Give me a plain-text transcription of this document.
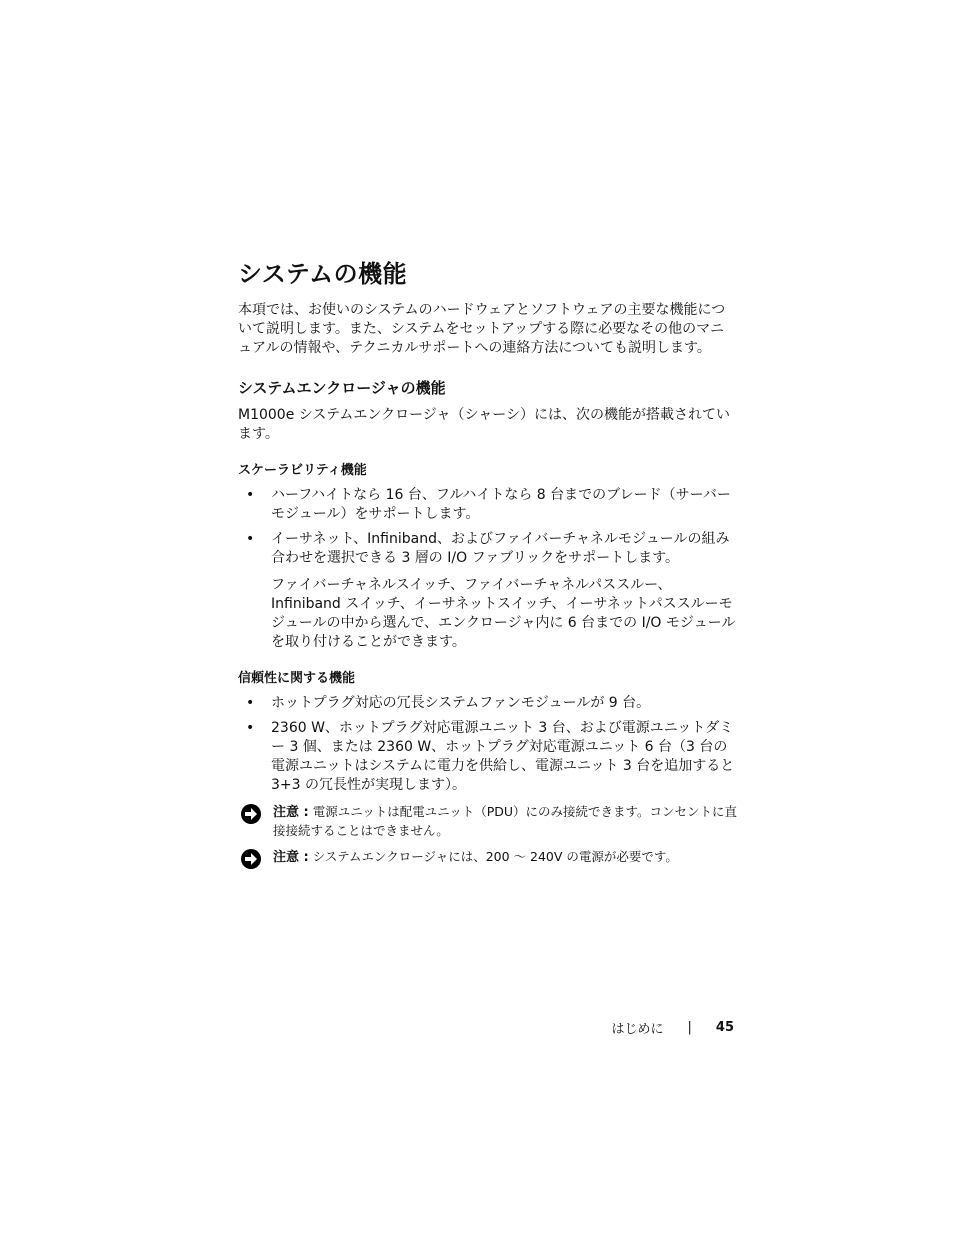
システムの機能

本項では、お使いのシステムのハードウェアとソフトウェアの主要な機能について説明します。また、システムをセットアップする際に必要なその他のマニュアルの情報や、テクニカルサポートへの連絡方法についても説明します。

システムエンクロージャの機能

M1000e システムエンクロージャ（シャーシ）には、次の機能が搭載されています。

スケーラビリティ機能
• ハーフハイトなら 16 台、フルハイトなら 8 台までのブレード（サーバーモジュール）をサポートします。
• イーサネット、Infiniband、およびファイバーチャネルモジュールの組み合わせを選択できる 3 層の I/O ファブリックをサポートします。
ファイバーチャネルスイッチ、ファイバーチャネルパススルー、Infiniband スイッチ、イーサネットスイッチ、イーサネットパススルーモジュールの中から選んで、エンクロージャ内に 6 台までの I/O モジュールを取り付けることができます。
信頼性に関する機能
• ホットプラグ対応の冗長システムファンモジュールが 9 台。
• 2360 W、ホットプラグ対応電源ユニット 3 台、および電源ユニットダミー 3 個、または 2360 W、ホットプラグ対応電源ユニット 6 台（3 台の電源ユニットはシステムに電力を供給し、電源ユニット 3 台を追加すると 3+3 の冗長性が実現します）。
注意 : 電源ユニットは配電ユニット（PDU）にのみ接続できます。コンセントに直接接続することはできません。
注意 : システムエンクロージャには、200 〜 240V の電源が必要です。
はじめに | 45
